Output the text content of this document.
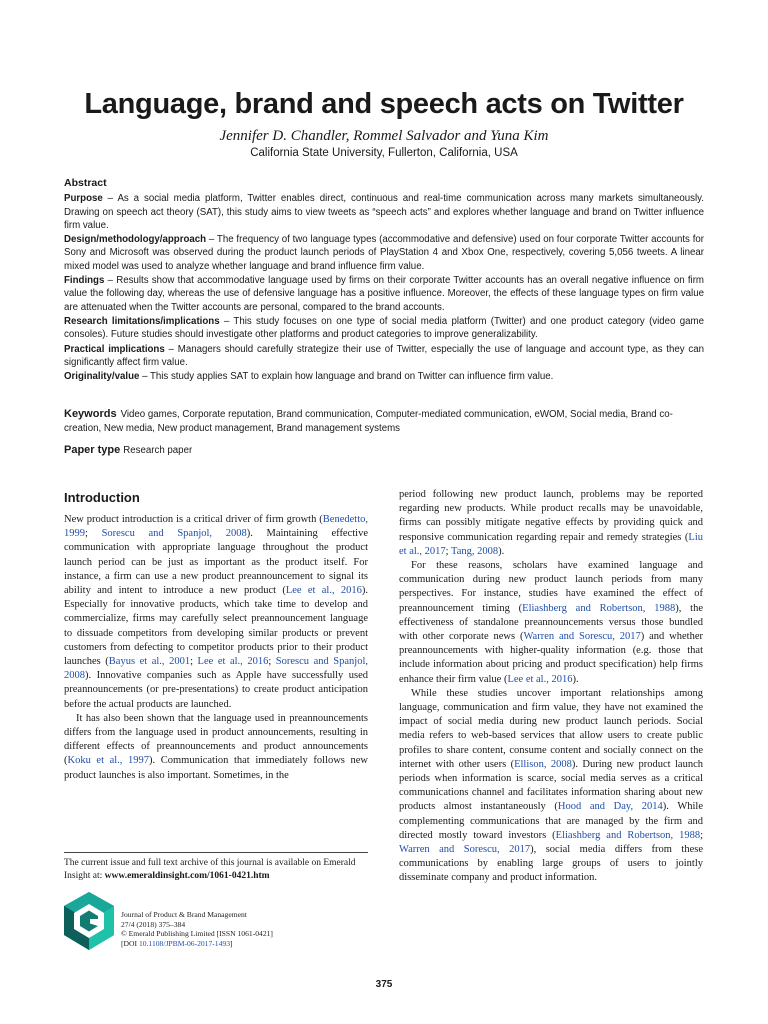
Language, brand and speech acts on Twitter
Jennifer D. Chandler, Rommel Salvador and Yuna Kim
California State University, Fullerton, California, USA

Abstract

Purpose – As a social media platform, Twitter enables direct, continuous and real-time communication across many markets simultaneously. Drawing on speech act theory (SAT), this study aims to view tweets as “speech acts” and explores whether language and brand on Twitter influence firm value.

Design/methodology/approach – The frequency of two language types (accommodative and defensive) used on four corporate Twitter accounts for Sony and Microsoft was observed during the product launch periods of PlayStation 4 and Xbox One, respectively, covering 5,056 tweets. A linear mixed model was used to analyze whether language and brand influence firm value.

Findings – Results show that accommodative language used by firms on their corporate Twitter accounts has an overall negative influence on firm value the following day, whereas the use of defensive language has a positive influence. Moreover, the effects of these language types on firm value are attenuated when the Twitter accounts are personal, compared to the brand accounts.

Research limitations/implications – This study focuses on one type of social media platform (Twitter) and one product category (video game consoles). Future studies should investigate other platforms and product categories to improve generalizability.

Practical implications – Managers should carefully strategize their use of Twitter, especially the use of language and account type, as they can significantly affect firm value.

Originality/value – This study applies SAT to explain how language and brand on Twitter can influence firm value.

Keywords Video games, Corporate reputation, Brand communication, Computer-mediated communication, eWOM, Social media, Brand co-creation, New media, New product management, Brand management systems
Paper type Research paper
Introduction

New product introduction is a critical driver of firm growth (Benedetto, 1999; Sorescu and Spanjol, 2008). Maintaining effective communication with appropriate language throughout the product launch period can be just as important as the product itself. For instance, a firm can use a new product preannouncement to signal its ability and intent to introduce a new product (Lee et al., 2016). Especially for innovative products, which take time to develop and commercialize, firms may carefully select preannouncement language to dissuade competitors from developing similar products or prevent customers from defecting to competitor products prior to their product launches (Bayus et al., 2001; Lee et al., 2016; Sorescu and Spanjol, 2008). Innovative companies such as Apple have successfully used preannouncements (or pre-presentations) to create product anticipation before the actual products are launched.

It has also been shown that the language used in preannouncements differs from the language used in product announcements, resulting in different effects of preannouncements and product announcements (Koku et al., 1997). Communication that immediately follows new product launches is also important. Sometimes, in the

period following new product launch, problems may be reported regarding new products. While product recalls may be unavoidable, firms can possibly mitigate negative effects by providing quick and responsive communication regarding repair and remedy strategies (Liu et al., 2017; Tang, 2008).

For these reasons, scholars have examined language and communication during new product launch periods from many perspectives. For instance, studies have examined the effect of preannouncement timing (Eliashberg and Robertson, 1988), the effectiveness of standalone preannouncements versus those bundled with other corporate news (Warren and Sorescu, 2017) and whether preannouncements with higher-quality information (e.g. those that include information about pricing and product specification) help firms enhance their firm value (Lee et al., 2016).

While these studies uncover important relationships among language, communication and firm value, they have not examined the impact of social media during new product launch periods. Social media refers to web-based services that allow users to create public profiles to share content, consume content and socially connect on the internet with other users (Ellison, 2008). During new product launch periods when information is scarce, social media serves as a critical communications channel and facilitates information sharing about new products almost instantaneously (Hood and Day, 2014). While complementing communications that are managed by the firm and directed mostly toward investors (Eliashberg and Robertson, 1988; Warren and Sorescu, 2017), social media differs from these communications by enabling large groups of users to jointly disseminate company and product information.

The current issue and full text archive of this journal is available on Emerald Insight at: www.emeraldinsight.com/1061-0421.htm
Journal of Product & Brand Management
27/4 (2018) 375–384
© Emerald Publishing Limited [ISSN 1061-0421]
[DOI 10.1108/JPBM-06-2017-1493]
375
